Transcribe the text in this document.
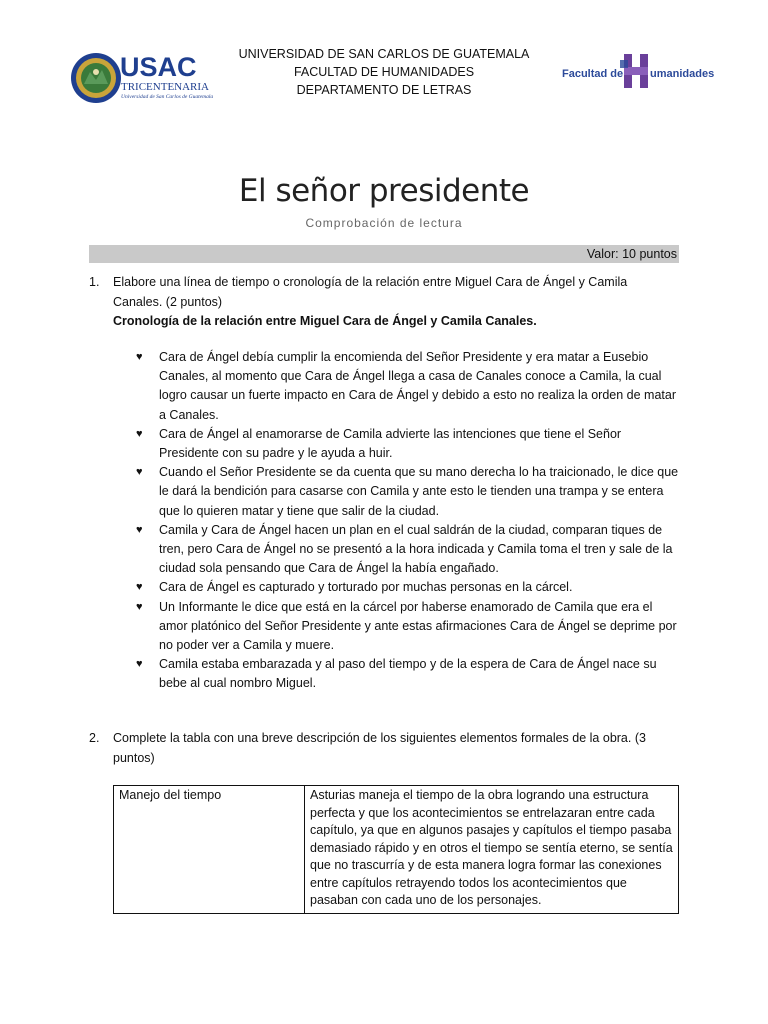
USAC
TRICENTENARIA
Universidad de San Carlos de Guatemala
UNIVERSIDAD DE SAN CARLOS DE GUATEMALA
FACULTAD DE HUMANIDADES
DEPARTAMENTO DE LETRAS
Facultad de umanidades
El señor presidente
Comprobación de lectura
Valor: 10 puntos
1.	Elabore una línea de tiempo o cronología de la relación entre Miguel Cara de Ángel y Camila Canales. (2 puntos)
Cronología de la relación entre Miguel Cara de Ángel y Camila Canales.
♥ Cara de Ángel debía cumplir la encomienda del Señor Presidente y era matar a Eusebio Canales, al momento que Cara de Ángel llega a casa de Canales conoce a Camila, la cual logro causar un fuerte impacto en Cara de Ángel y debido a esto no realiza la orden de matar a Canales.
♥ Cara de Ángel al enamorarse de Camila advierte las intenciones que tiene el Señor Presidente con su padre y le ayuda a huir.
♥ Cuando el Señor Presidente se da cuenta que su mano derecha lo ha traicionado, le dice que le dará la bendición para casarse con Camila y ante esto le tienden una trampa y se entera que lo quieren matar y tiene que salir de la ciudad.
♥ Camila y Cara de Ángel hacen un plan en el cual saldrán de la ciudad, comparan tiques de tren, pero Cara de Ángel no se presentó a la hora indicada y Camila toma el tren y sale de la ciudad sola pensando que Cara de Ángel la había engañado.
♥ Cara de Ángel es capturado y torturado por muchas personas en la cárcel.
♥ Un Informante le dice que está en la cárcel por haberse enamorado de Camila que era el amor platónico del Señor Presidente y ante estas afirmaciones Cara de Ángel se deprime por no poder ver a Camila y muere.
♥ Camila estaba embarazada y al paso del tiempo y de la espera de Cara de Ángel nace su bebe al cual nombro Miguel.
2.	Complete la tabla con una breve descripción de los siguientes elementos formales de la obra. (3 puntos)
Manejo del tiempo	Asturias maneja el tiempo de la obra logrando una estructura perfecta y que los acontecimientos se entrelazaran entre cada capítulo, ya que en algunos pasajes y capítulos el tiempo pasaba demasiado rápido y en otros el tiempo se sentía eterno, se sentía que no trascurría y de esta manera logra formar las conexiones entre capítulos retrayendo todos los acontecimientos que pasaban con cada uno de los personajes.
